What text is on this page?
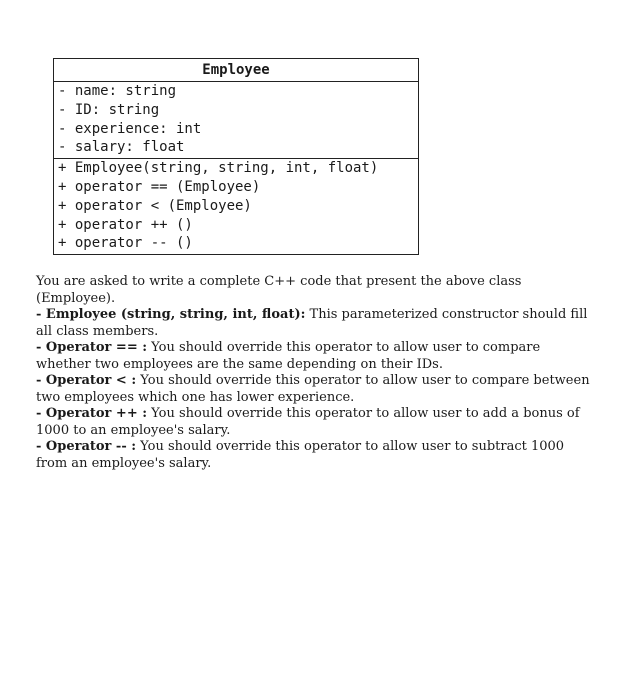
Employee
- name: string
- ID: string
- experience: int
- salary: float
+ Employee(string, string, int, float)
+ operator == (Employee)
+ operator < (Employee)
+ operator ++ ()
+ operator -- ()

You are asked to write a complete C++ code that present the above class (Employee).

- Employee (string, string, int, float): This parameterized constructor should fill all class members.

- Operator == : You should override this operator to allow user to compare whether two employees are the same depending on their IDs.

- Operator < : You should override this operator to allow user to compare between two employees which one has lower experience.

- Operator ++ : You should override this operator to allow user to add a bonus of 1000 to an employee's salary.

- Operator -- : You should override this operator to allow user to subtract 1000 from an employee's salary.
